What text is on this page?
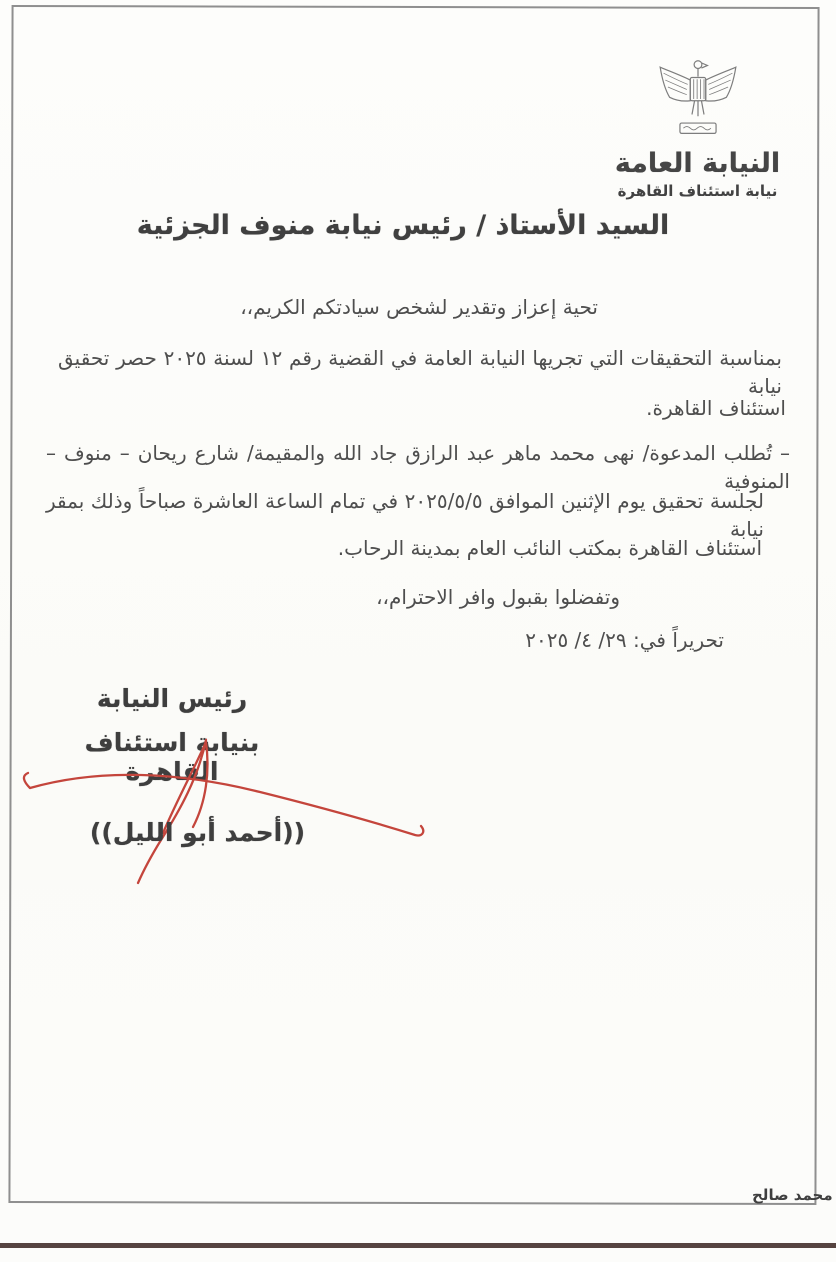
النيابة العامة
نيابة استئناف القاهرة
السيد الأستاذ / رئيس نيابة منوف الجزئية
تحية إعزاز وتقدير لشخص سيادتكم الكريم،،
بمناسبة التحقيقات التي تجريها النيابة العامة في القضية رقم ١٢ لسنة ٢٠٢٥ حصر تحقيق نيابة
استئناف القاهرة.
– تُطلب المدعوة/ نهى محمد ماهر عبد الرازق جاد الله والمقيمة/ شارع ريحان – منوف – المنوفية
لجلسة تحقيق يوم الإثنين الموافق ٢٠٢٥/٥/٥ في تمام الساعة العاشرة صباحاً وذلك بمقر نيابة
استئناف القاهرة بمكتب النائب العام بمدينة الرحاب.
وتفضلوا بقبول وافر الاحترام،،
تحريراً في: ٢٩/ ٤/ ٢٠٢٥
رئيس النيابة
بنيابة استئناف القاهرة
((أحمد أبو الليل))
محمد صالح
